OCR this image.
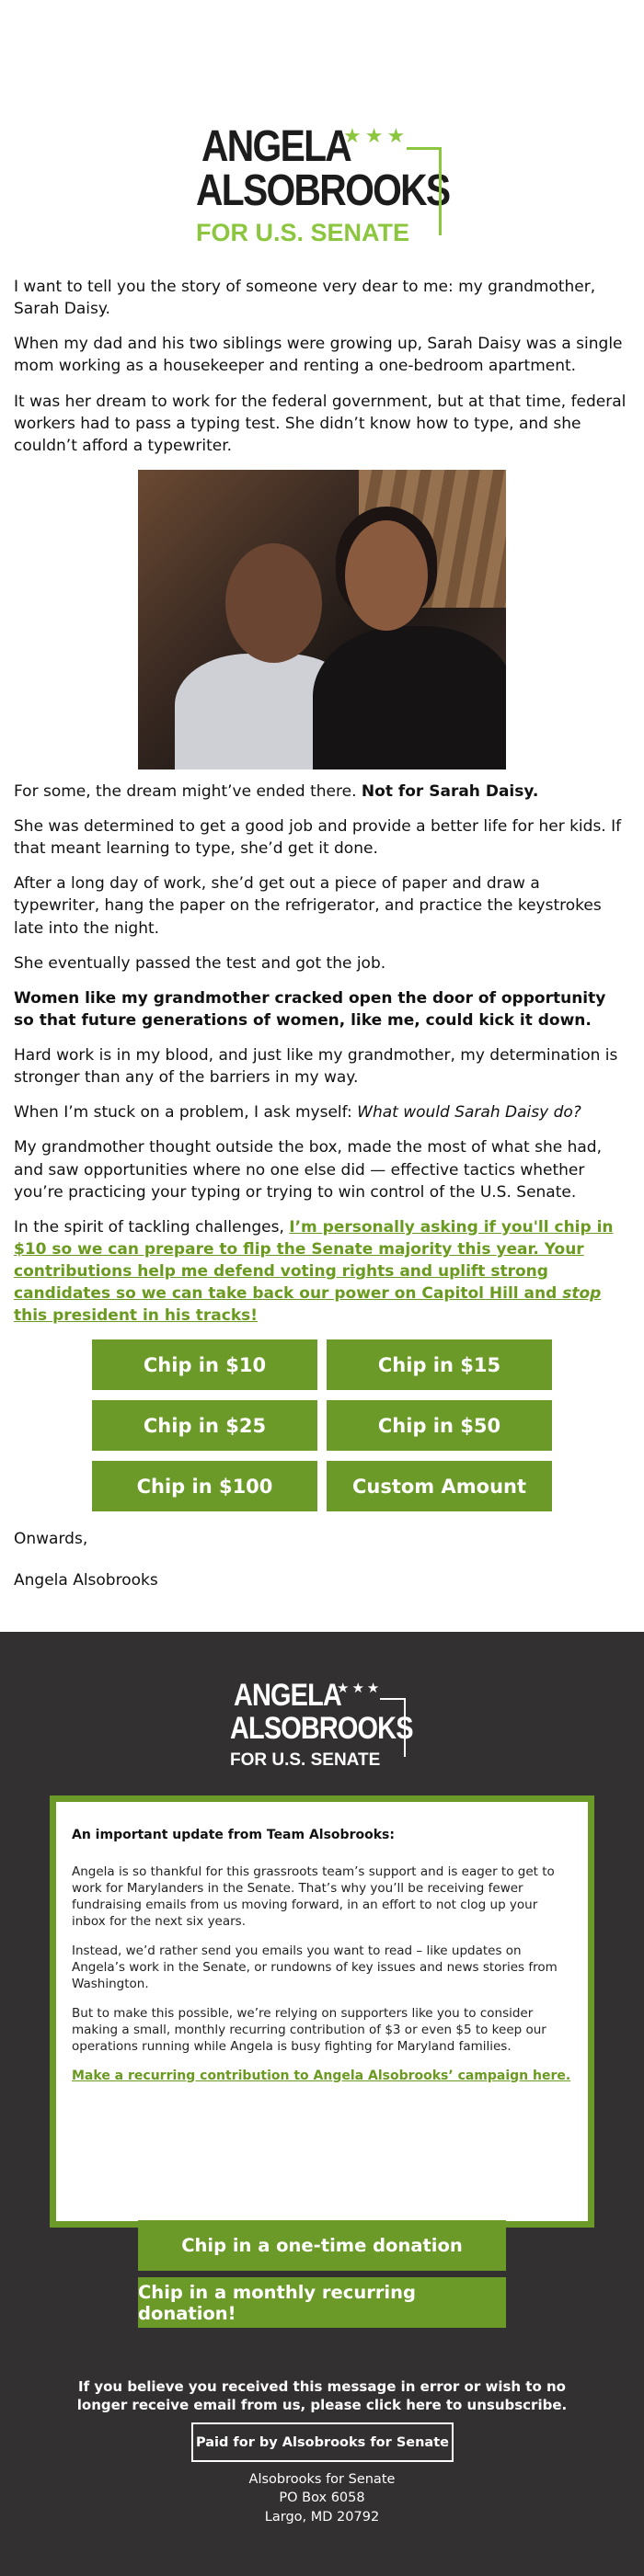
ANGELA
★★★
ALSOBROOKS
FOR U.S. SENATE

I want to tell you the story of someone very dear to me: my grandmother, Sarah Daisy.

When my dad and his two siblings were growing up, Sarah Daisy was a single mom working as a housekeeper and renting a one-bedroom apartment.

It was her dream to work for the federal government, but at that time, federal workers had to pass a typing test. She didn’t know how to type, and she couldn’t afford a typewriter.

For some, the dream might’ve ended there. Not for Sarah Daisy.

She was determined to get a good job and provide a better life for her kids. If that meant learning to type, she’d get it done.

After a long day of work, she’d get out a piece of paper and draw a typewriter, hang the paper on the refrigerator, and practice the keystrokes late into the night.

She eventually passed the test and got the job.

Women like my grandmother cracked open the door of opportunity so that future generations of women, like me, could kick it down.

Hard work is in my blood, and just like my grandmother, my determination is stronger than any of the barriers in my way.

When I’m stuck on a problem, I ask myself: What would Sarah Daisy do?

My grandmother thought outside the box, made the most of what she had, and saw opportunities where no one else did — effective tactics whether you’re practicing your typing or trying to win control of the U.S. Senate.

In the spirit of tackling challenges, I’m personally asking if you'll chip in $10 so we can prepare to flip the Senate majority this year. Your contributions help me defend voting rights and uplift strong candidates so we can take back our power on Capitol Hill and stop this president in his tracks!

Chip in $10	Chip in $15
Chip in $25	Chip in $50
Chip in $100	Custom Amount

Onwards,

Angela Alsobrooks

ANGELA
★★★
ALSOBROOKS
FOR U.S. SENATE
An important update from Team Alsobrooks:

Angela is so thankful for this grassroots team’s support and is eager to get to work for Marylanders in the Senate. That’s why you’ll be receiving fewer fundraising emails from us moving forward, in an effort to not clog up your inbox for the next six years.

Instead, we’d rather send you emails you want to read – like updates on Angela’s work in the Senate, or rundowns of key issues and news stories from Washington.

But to make this possible, we’re relying on supporters like you to consider making a small, monthly recurring contribution of $3 or even $5 to keep our operations running while Angela is busy fighting for Maryland families.

Make a recurring contribution to Angela Alsobrooks’ campaign here.
We believe that emails are the best way for our organization to stay in touch with supporters like you. But if you'd like to receive fewer emails, click here.
Chip in a one-time donation
Chip in a monthly recurring donation!
If you believe you received this message in error or wish to no longer receive email from us, please click here to unsubscribe.
Paid for by Alsobrooks for Senate
Alsobrooks for Senate
PO Box 6058
Largo, MD 20792
